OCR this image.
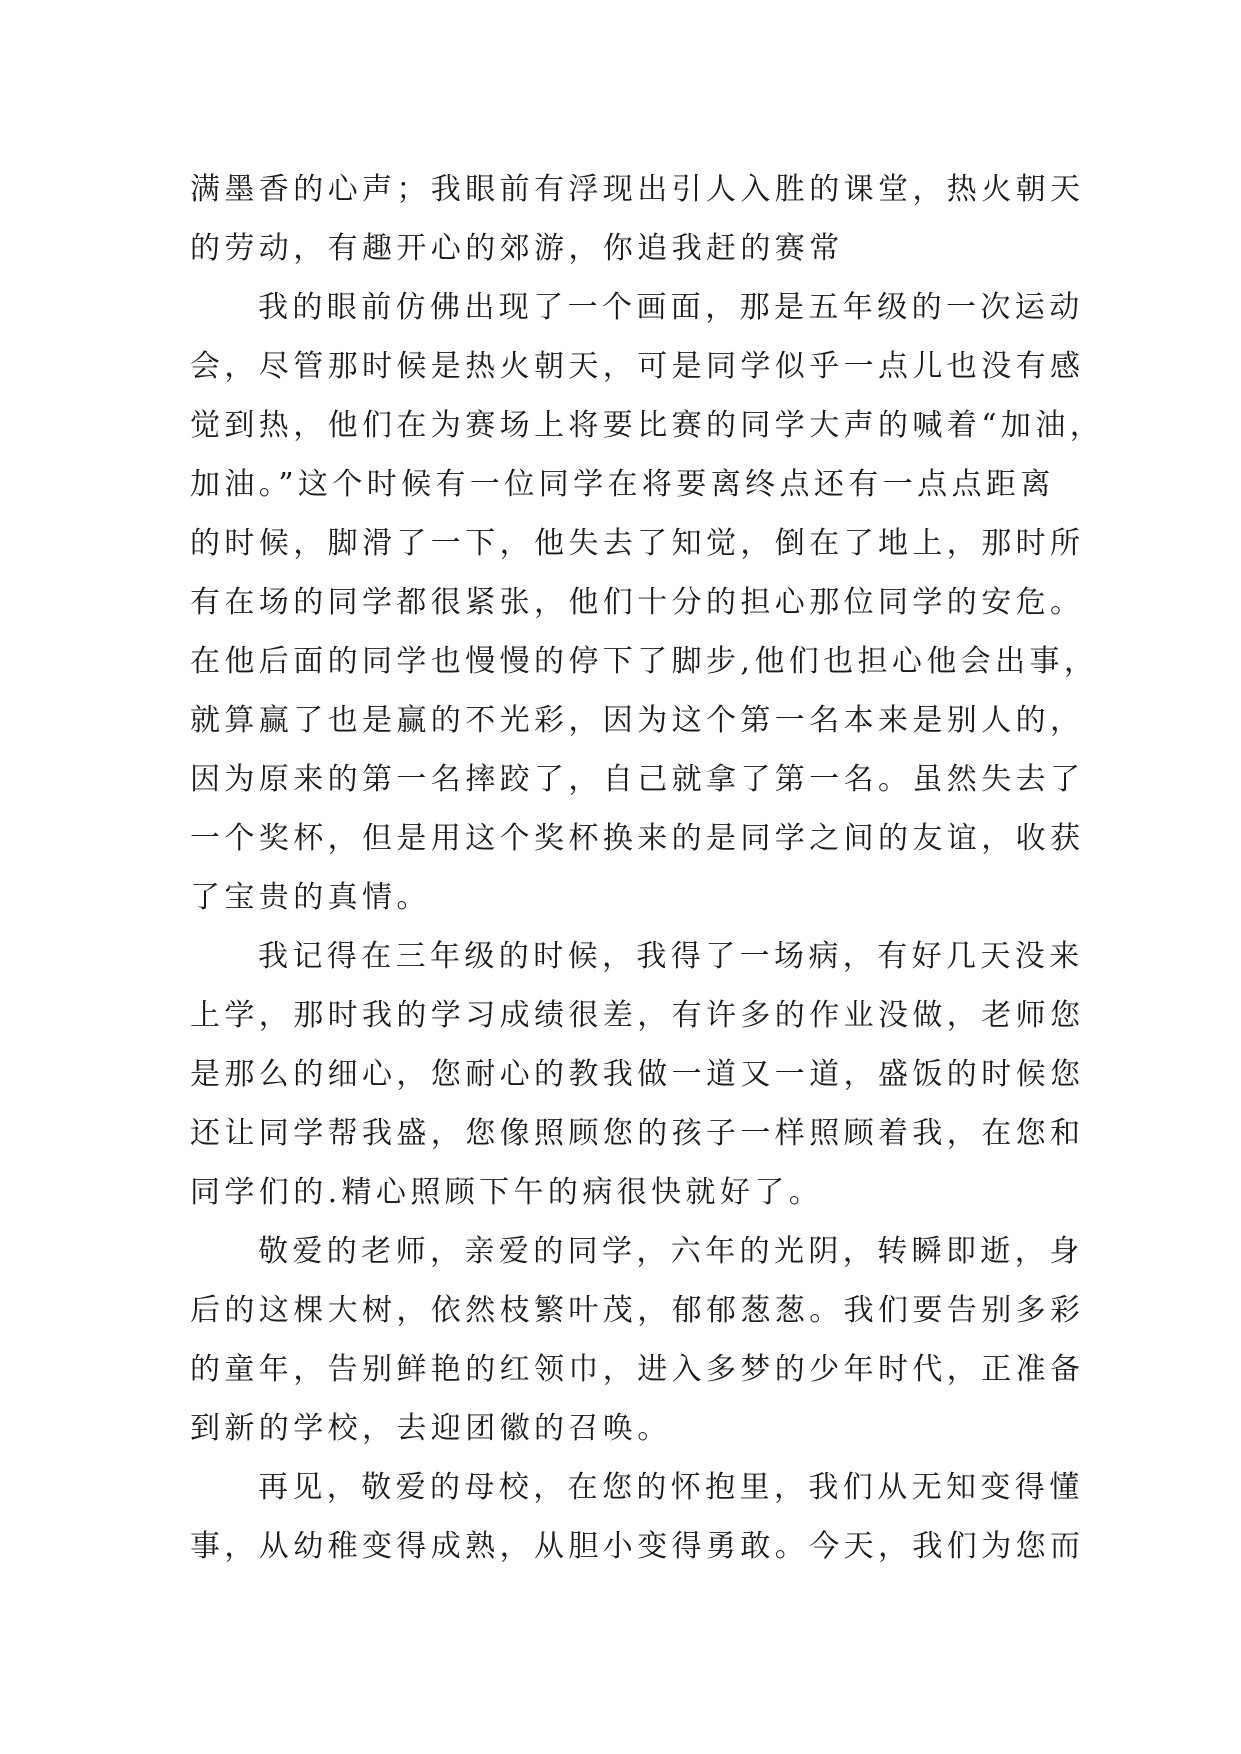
满墨香的心声；我眼前有浮现出引人入胜的课堂，热火朝天
的劳动，有趣开心的郊游，你追我赶的赛常
我的眼前仿佛出现了一个画面，那是五年级的一次运动
会，尽管那时候是热火朝天，可是同学似乎一点儿也没有感
觉到热，他们在为赛场上将要比赛的同学大声的喊着“加油，
加油。”这个时候有一位同学在将要离终点还有一点点距离
的时候，脚滑了一下，他失去了知觉，倒在了地上，那时所
有在场的同学都很紧张，他们十分的担心那位同学的安危。
在他后面的同学也慢慢的停下了脚步,他们也担心他会出事，
就算赢了也是赢的不光彩，因为这个第一名本来是别人的，
因为原来的第一名摔跤了，自己就拿了第一名。虽然失去了
一个奖杯，但是用这个奖杯换来的是同学之间的友谊，收获
了宝贵的真情。
我记得在三年级的时候，我得了一场病，有好几天没来
上学，那时我的学习成绩很差，有许多的作业没做，老师您
是那么的细心，您耐心的教我做一道又一道，盛饭的时候您
还让同学帮我盛，您像照顾您的孩子一样照顾着我，在您和
同学们的.精心照顾下午的病很快就好了。
敬爱的老师，亲爱的同学，六年的光阴，转瞬即逝，身
后的这棵大树，依然枝繁叶茂，郁郁葱葱。我们要告别多彩
的童年，告别鲜艳的红领巾，进入多梦的少年时代，正准备
到新的学校，去迎团徽的召唤。
再见，敬爱的母校，在您的怀抱里，我们从无知变得懂
事，从幼稚变得成熟，从胆小变得勇敢。今天，我们为您而
